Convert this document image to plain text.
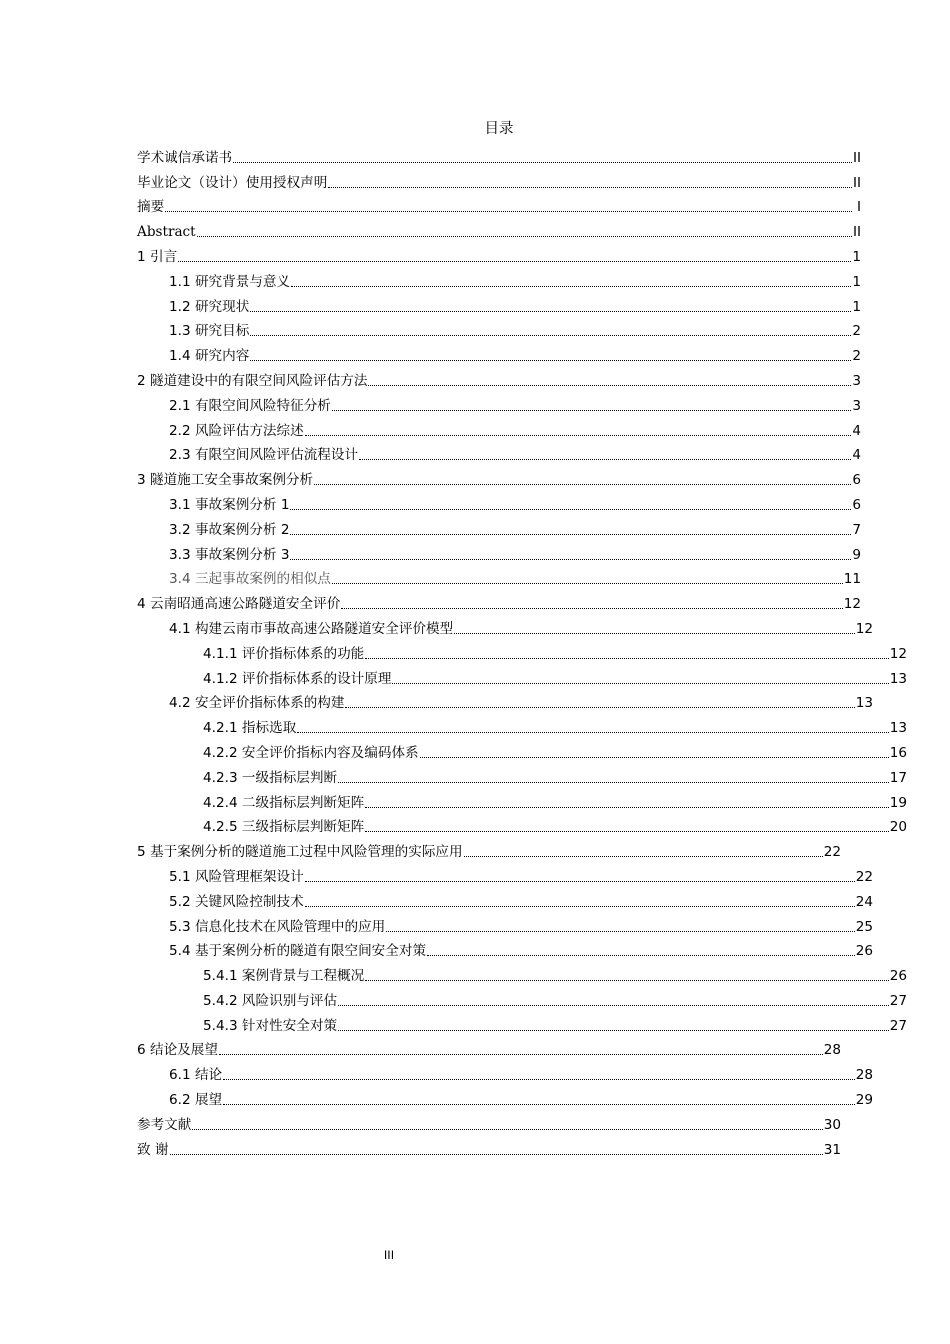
目录
学术诚信承诺书	II
毕业论文（设计）使用授权声明	II
摘要	I
Abstract	II
1 引言	1
1.1 研究背景与意义	1
1.2 研究现状	1
1.3 研究目标	2
1.4 研究内容	2
2 隧道建设中的有限空间风险评估方法	3
2.1 有限空间风险特征分析	3
2.2 风险评估方法综述	4
2.3 有限空间风险评估流程设计	4
3 隧道施工安全事故案例分析	6
3.1 事故案例分析 1	6
3.2 事故案例分析 2	7
3.3 事故案例分析 3	9
3.4 三起事故案例的相似点	11
4 云南昭通高速公路隧道安全评价	12
4.1 构建云南市事故高速公路隧道安全评价模型	12
4.1.1 评价指标体系的功能	12
4.1.2 评价指标体系的设计原理	13
4.2 安全评价指标体系的构建	13
4.2.1 指标选取	13
4.2.2 安全评价指标内容及编码体系	16
4.2.3 一级指标层判断	17
4.2.4 二级指标层判断矩阵	19
4.2.5 三级指标层判断矩阵	20
5 基于案例分析的隧道施工过程中风险管理的实际应用	22
5.1 风险管理框架设计	22
5.2 关键风险控制技术	24
5.3 信息化技术在风险管理中的应用	25
5.4 基于案例分析的隧道有限空间安全对策	26
5.4.1 案例背景与工程概况	26
5.4.2 风险识别与评估	27
5.4.3 针对性安全对策	27
6 结论及展望	28
6.1 结论	28
6.2 展望	29
参考文献	30
致 谢	31
III
